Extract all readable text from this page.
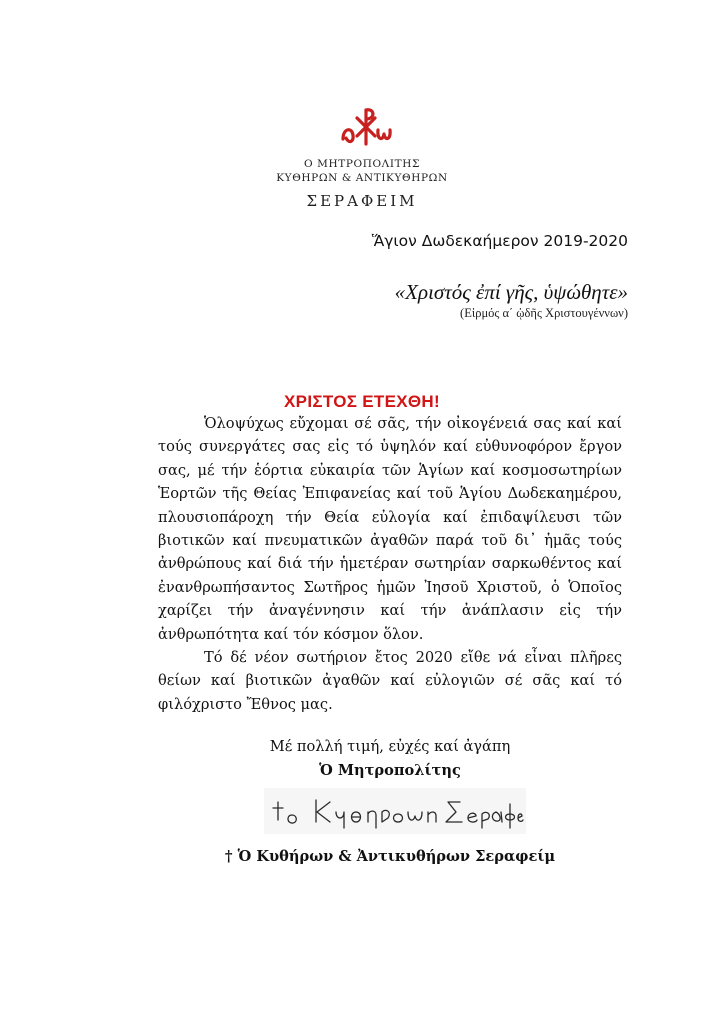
Ο ΜΗΤΡΟΠΟΛΙΤΗΣ
ΚΥΘΗΡΩΝ & ΑΝΤΙΚΥΘΗΡΩΝ
ΣΕΡΑΦΕΙΜ
Ἅγιον Δωδεκαήμερον 2019-2020
«Χριστός ἐπί γῆς, ὑψώθητε»
(Εἱρμός α΄ ᾠδῆς Χριστουγέννων)
ΧΡΙΣΤΟΣ ΕΤΕΧΘΗ!

Ὁλοψύχως εὔχομαι σέ σᾶς, τήν οἰκογένειά σας καί καί τούς συνεργάτες σας εἰς τό ὑψηλόν καί εὐθυνοφόρον ἔργον σας, μέ τήν ἑόρτια εὐκαιρία τῶν Ἁγίων καί κοσμοσωτηρίων Ἑορτῶν τῆς Θείας Ἐπιφανείας καί τοῦ Ἁγίου Δωδεκαημέρου, πλουσιοπάροχη τήν Θεία εὐλογία καί ἐπιδαψίλευσι τῶν βιοτικῶν καί πνευματικῶν ἀγαθῶν παρά τοῦ δι᾽ ἡμᾶς τούς ἀνθρώπους καί διά τήν ἡμετέραν σωτηρίαν σαρκωθέντος καί ἐνανθρωπήσαντος Σωτῆρος ἡμῶν Ἰησοῦ Χριστοῦ, ὁ Ὁποῖος χαρίζει τήν ἀναγέννησιν καί τήν ἀνάπλασιν εἰς τήν ἀνθρωπότητα καί τόν κόσμον ὅλον.

Τό δέ νέον σωτήριον ἔτος 2020 εἴθε νά εἶναι πλῆρες θείων καί βιοτικῶν ἀγαθῶν καί εὐλογιῶν σέ σᾶς καί τό φιλόχριστο Ἔθνος μας.

Μέ πολλή τιμή, εὐχές καί ἀγάπη
Ὁ Μητροπολίτης
† Ὁ Κυθήρων & Ἀντικυθήρων Σεραφείμ
